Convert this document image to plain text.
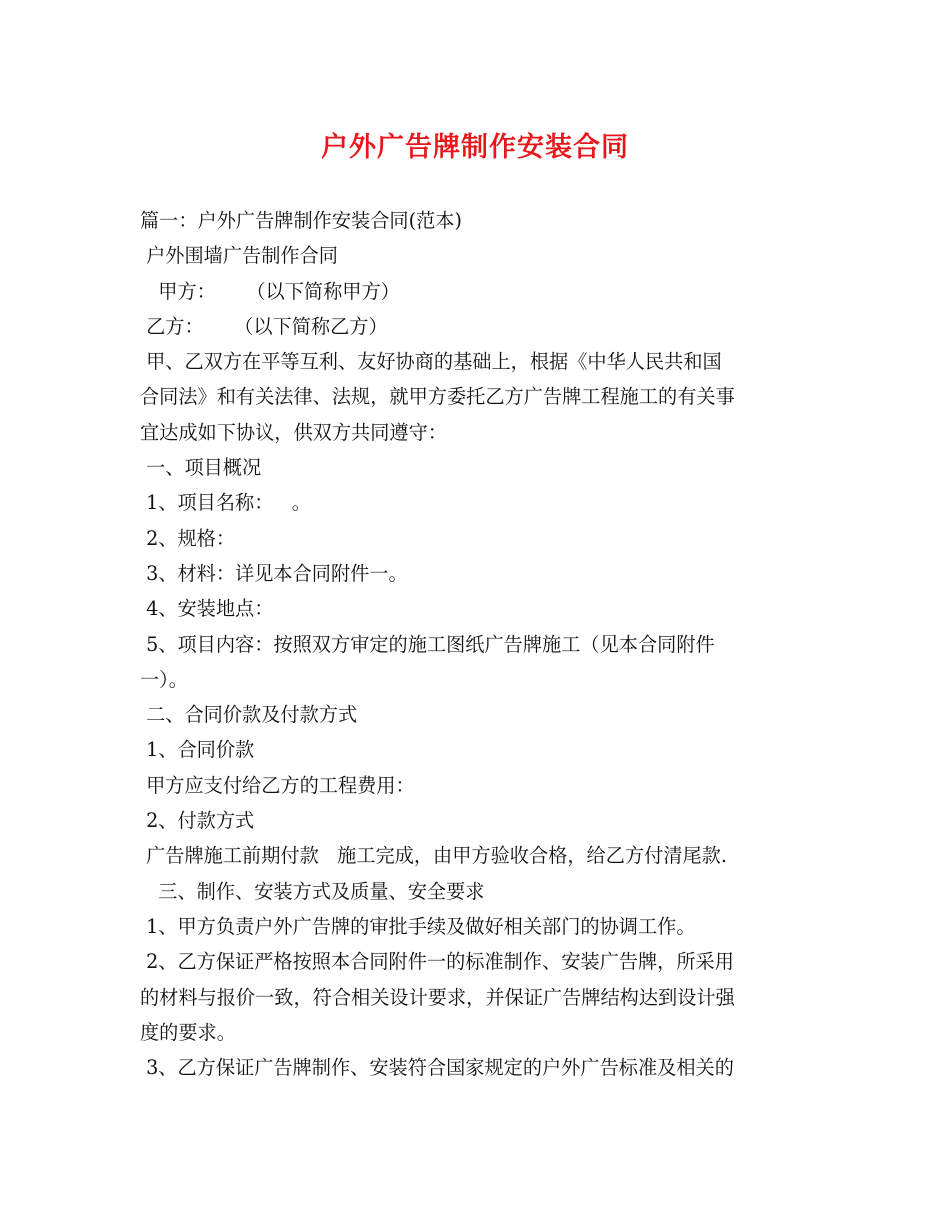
户外广告牌制作安装合同
篇一：户外广告牌制作安装合同(范本)
户外围墙广告制作合同
甲方：     （以下简称甲方）
乙方：     （以下简称乙方）
甲、乙双方在平等互利、友好协商的基础上，根据《中华人民共和国
合同法》和有关法律、法规，就甲方委托乙方广告牌工程施工的有关事
宜达成如下协议，供双方共同遵守：
一、项目概况
1、项目名称：   。
2、规格：
3、材料：详见本合同附件一。
4、安装地点：
5、项目内容：按照双方审定的施工图纸广告牌施工（见本合同附件
一）。
二、合同价款及付款方式
1、合同价款
甲方应支付给乙方的工程费用：
2、付款方式
广告牌施工前期付款   施工完成，由甲方验收合格，给乙方付清尾款.
三、制作、安装方式及质量、安全要求
1、甲方负责户外广告牌的审批手续及做好相关部门的协调工作。
2、乙方保证严格按照本合同附件一的标准制作、安装广告牌，所采用
的材料与报价一致，符合相关设计要求，并保证广告牌结构达到设计强
度的要求。
3、乙方保证广告牌制作、安装符合国家规定的户外广告标准及相关的
